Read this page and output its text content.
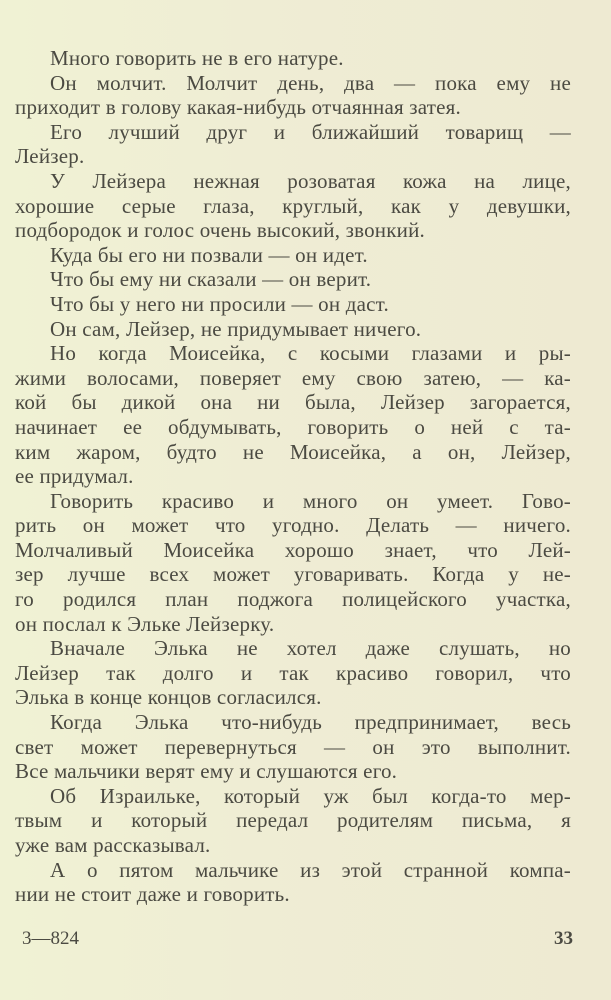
Много говорить не в его натуре.
Он молчит. Молчит день, два — пока ему не
приходит в голову какая-нибудь отчаянная затея.
Его лучший друг и ближайший товарищ —
Лейзер.
У Лейзера нежная розоватая кожа на лице,
хорошие серые глаза, круглый, как у девушки,
подбородок и голос очень высокий, звонкий.
Куда бы его ни позвали — он идет.
Что бы ему ни сказали — он верит.
Что бы у него ни просили — он даст.
Он сам, Лейзер, не придумывает ничего.
Но когда Моисейка, с косыми глазами и ры-
жими волосами, поверяет ему свою затею, — ка-
кой бы дикой она ни была, Лейзер загорается,
начинает ее обдумывать, говорить о ней с та-
ким жаром, будто не Моисейка, а он, Лейзер,
ее придумал.
Говорить красиво и много он умеет. Гово-
рить он может что угодно. Делать — ничего.
Молчаливый Моисейка хорошо знает, что Лей-
зер лучше всех может уговаривать. Когда у не-
го родился план поджога полицейского участка,
он послал к Эльке Лейзерку.
Вначале Элька не хотел даже слушать, но
Лейзер так долго и так красиво говорил, что
Элька в конце концов согласился.
Когда Элька что-нибудь предпринимает, весь
свет может перевернуться — он это выполнит.
Все мальчики верят ему и слушаются его.
Об Израильке, который уж был когда-то мер-
твым и который передал родителям письма, я
уже вам рассказывал.
А о пятом мальчике из этой странной компа-
нии не стоит даже и говорить.
3—824	33
